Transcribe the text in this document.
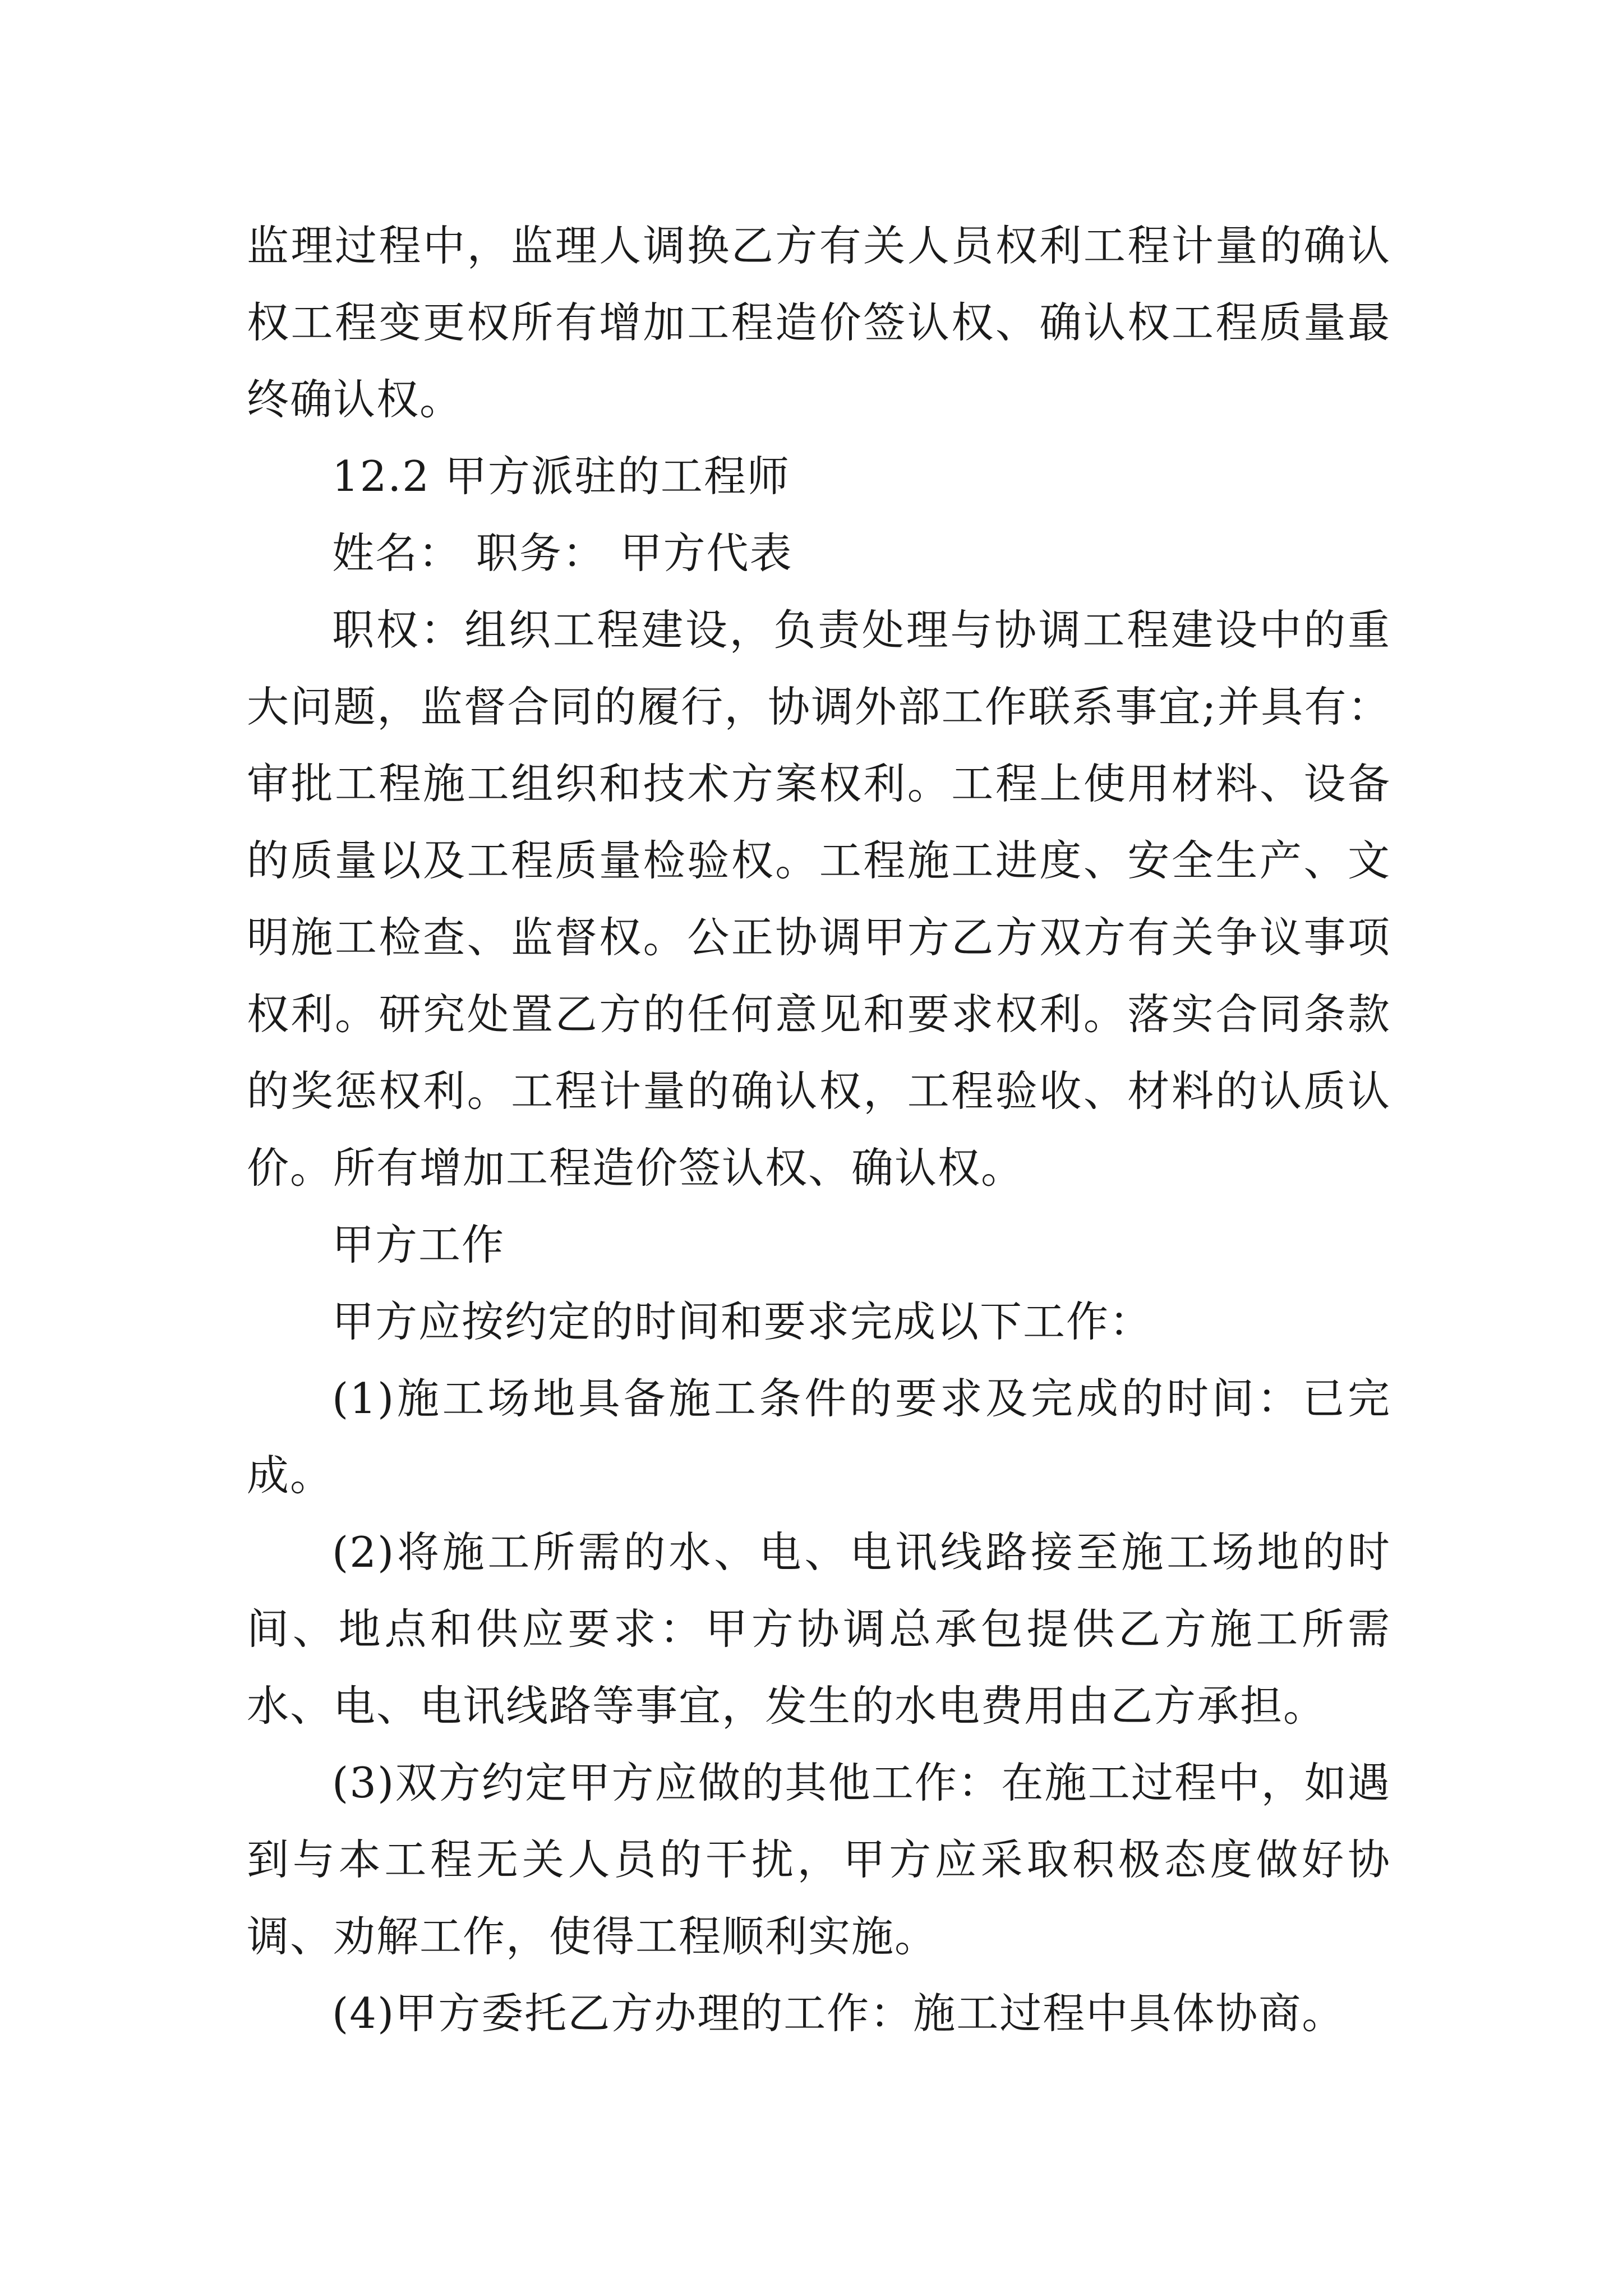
监理过程中，监理人调换乙方有关人员权利工程计量的确认权工程变更权所有增加工程造价签认权、确认权工程质量最终确认权。

12.2 甲方派驻的工程师

姓名： 职务： 甲方代表

职权：组织工程建设，负责处理与协调工程建设中的重大问题，监督合同的履行，协调外部工作联系事宜;并具有：审批工程施工组织和技术方案权利。工程上使用材料、设备的质量以及工程质量检验权。工程施工进度、安全生产、文明施工检查、监督权。公正协调甲方乙方双方有关争议事项权利。研究处置乙方的任何意见和要求权利。落实合同条款的奖惩权利。工程计量的确认权，工程验收、材料的认质认价。所有增加工程造价签认权、确认权。

甲方工作

甲方应按约定的时间和要求完成以下工作：

(1)施工场地具备施工条件的要求及完成的时间：已完成。

(2)将施工所需的水、电、电讯线路接至施工场地的时间、地点和供应要求：甲方协调总承包提供乙方施工所需水、电、电讯线路等事宜，发生的水电费用由乙方承担。

(3)双方约定甲方应做的其他工作：在施工过程中，如遇到与本工程无关人员的干扰，甲方应采取积极态度做好协调、劝解工作，使得工程顺利实施。

(4)甲方委托乙方办理的工作：施工过程中具体协商。
